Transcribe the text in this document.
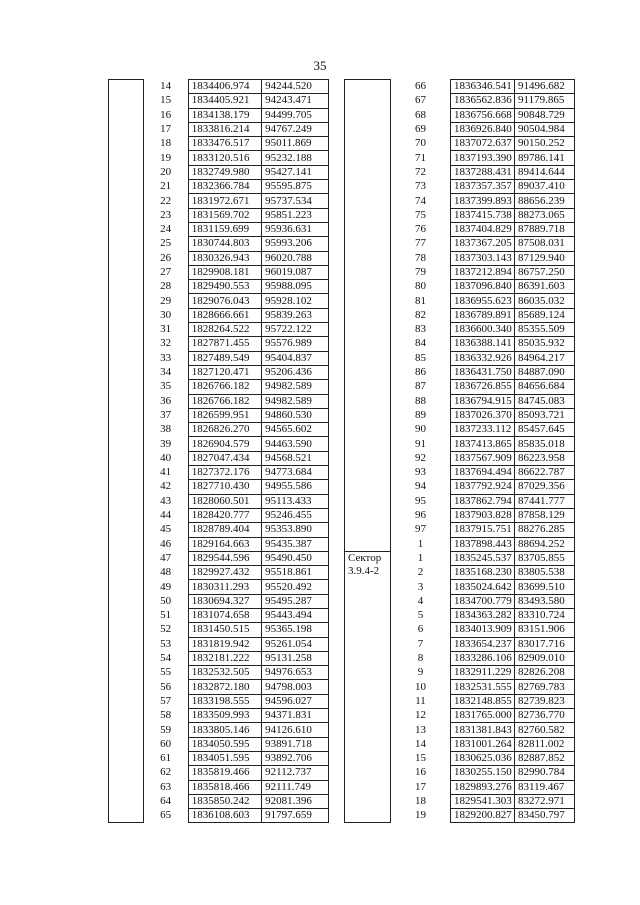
35
	14	1834406.974	94244.520
	15	1834405.921	94243.471
	16	1834138.179	94499.705
	17	1833816.214	94767.249
	18	1833476.517	95011.869
	19	1833120.516	95232.188
	20	1832749.980	95427.141
	21	1832366.784	95595.875
	22	1831972.671	95737.534
	23	1831569.702	95851.223
	24	1831159.699	95936.631
	25	1830744.803	95993.206
	26	1830326.943	96020.788
	27	1829908.181	96019.087
	28	1829490.553	95988.095
	29	1829076.043	95928.102
	30	1828666.661	95839.263
	31	1828264.522	95722.122
	32	1827871.455	95576.989
	33	1827489.549	95404.837
	34	1827120.471	95206.436
	35	1826766.182	94982.589
	36	1826766.182	94982.589
	37	1826599.951	94860.530
	38	1826826.270	94565.602
	39	1826904.579	94463.590
	40	1827047.434	94568.521
	41	1827372.176	94773.684
	42	1827710.430	94955.586
	43	1828060.501	95113.433
	44	1828420.777	95246.455
	45	1828789.404	95353.890
	46	1829164.663	95435.387
	47	1829544.596	95490.450
	48	1829927.432	95518.861
	49	1830311.293	95520.492
	50	1830694.327	95495.287
	51	1831074.658	95443.494
	52	1831450.515	95365.198
	53	1831819.942	95261.054
	54	1832181.222	95131.258
	55	1832532.505	94976.653
	56	1832872.180	94798.003
	57	1833198.555	94596.027
	58	1833509.993	94371.831
	59	1833805.146	94126.610
	60	1834050.595	93891.718
	61	1834051.595	93892.706
	62	1835819.466	92112.737
	63	1835818.466	92111.749
	64	1835850.242	92081.396
	65	1836108.603	91797.659
	66	1836346.541	91496.682
	67	1836562.836	91179.865
	68	1836756.668	90848.729
	69	1836926.840	90504.984
	70	1837072.637	90150.252
	71	1837193.390	89786.141
	72	1837288.431	89414.644
	73	1837357.357	89037.410
	74	1837399.893	88656.239
	75	1837415.738	88273.065
	76	1837404.829	87889.718
	77	1837367.205	87508.031
	78	1837303.143	87129.940
	79	1837212.894	86757.250
	80	1837096.840	86391.603
	81	1836955.623	86035.032
	82	1836789.891	85689.124
	83	1836600.340	85355.509
	84	1836388.141	85035.932
	85	1836332.926	84964.217
	86	1836431.750	84887.090
	87	1836726.855	84656.684
	88	1836794.915	84745.083
	89	1837026.370	85093.721
	90	1837233.112	85457.645
	91	1837413.865	85835.018
	92	1837567.909	86223.958
	93	1837694.494	86622.787
	94	1837792.924	87029.356
	95	1837862.794	87441.777
	96	1837903.828	87858.129
	97	1837915.751	88276.285
	1	1837898.443	88694.252

Сектор
3.9.4-2	1	1835245.537	83705.855
	2	1835168.230	83805.538
	3	1835024.642	83699.510
	4	1834700.779	83493.580
	5	1834363.282	83310.724
	6	1834013.909	83151.906
	7	1833654.237	83017.716
	8	1833286.106	82909.010
	9	1832911.229	82826.208
	10	1832531.555	82769.783
	11	1832148.855	82739.823
	12	1831765.000	82736.770
	13	1831381.843	82760.582
	14	1831001.264	82811.002
	15	1830625.036	82887.852
	16	1830255.150	82990.784
	17	1829893.276	83119.467
	18	1829541.303	83272.971
	19	1829200.827	83450.797
